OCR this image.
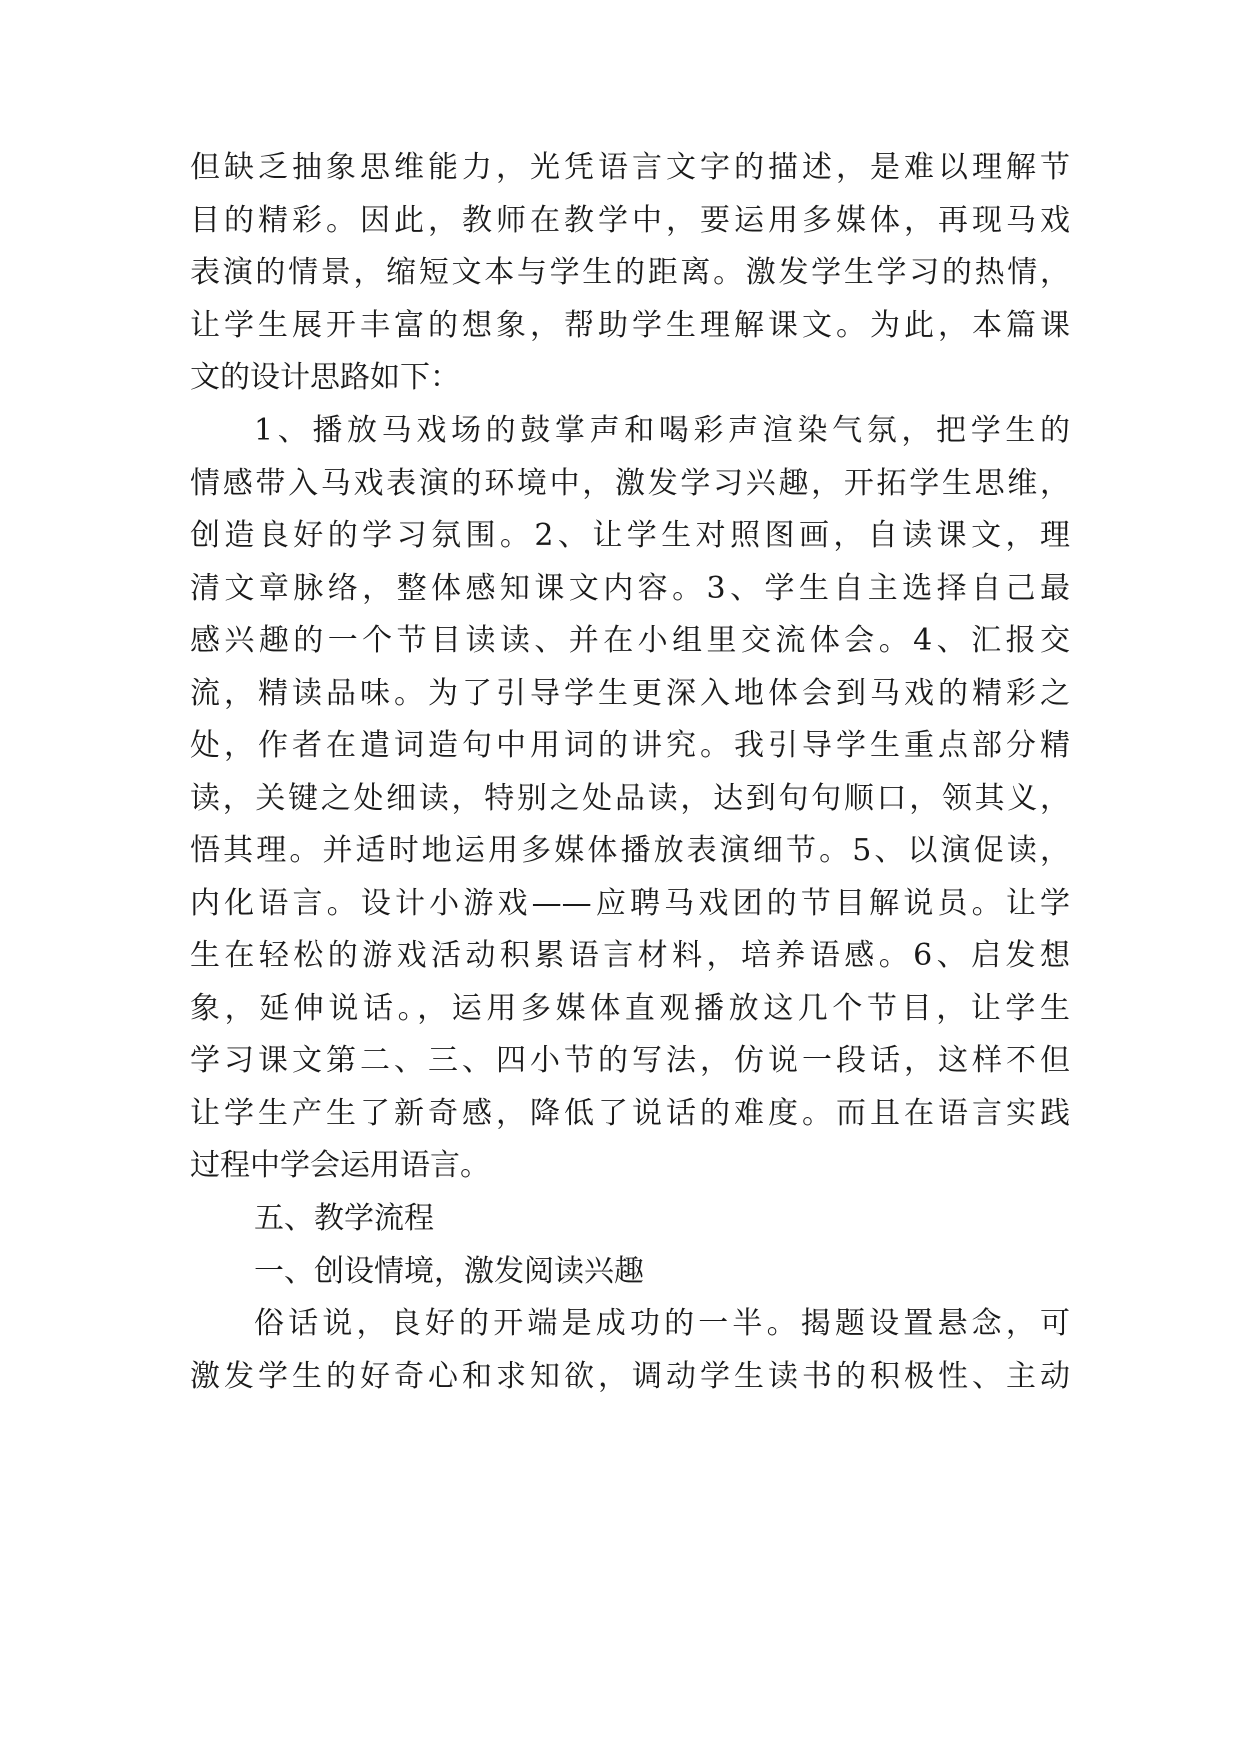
但缺乏抽象思维能力，光凭语言文字的描述，是难以理解节
目的精彩。因此，教师在教学中，要运用多媒体，再现马戏
表演的情景，缩短文本与学生的距离。激发学生学习的热情，
让学生展开丰富的想象，帮助学生理解课文。为此，本篇课
文的设计思路如下：
1、播放马戏场的鼓掌声和喝彩声渲染气氛，把学生的
情感带入马戏表演的环境中，激发学习兴趣，开拓学生思维，
创造良好的学习氛围。2、让学生对照图画，自读课文，理
清文章脉络，整体感知课文内容。3、学生自主选择自己最
感兴趣的一个节目读读、并在小组里交流体会。4、汇报交
流，精读品味。为了引导学生更深入地体会到马戏的精彩之
处，作者在遣词造句中用词的讲究。我引导学生重点部分精
读，关键之处细读，特别之处品读，达到句句顺口，领其义，
悟其理。并适时地运用多媒体播放表演细节。5、以演促读，
内化语言。设计小游戏——应聘马戏团的节目解说员。让学
生在轻松的游戏活动积累语言材料，培养语感。6、启发想
象，延伸说话。，运用多媒体直观播放这几个节目，让学生
学习课文第二、三、四小节的写法，仿说一段话，这样不但
让学生产生了新奇感，降低了说话的难度。而且在语言实践
过程中学会运用语言。
五、教学流程
一、创设情境，激发阅读兴趣
俗话说，良好的开端是成功的一半。揭题设置悬念，可
激发学生的好奇心和求知欲，调动学生读书的积极性、主动
